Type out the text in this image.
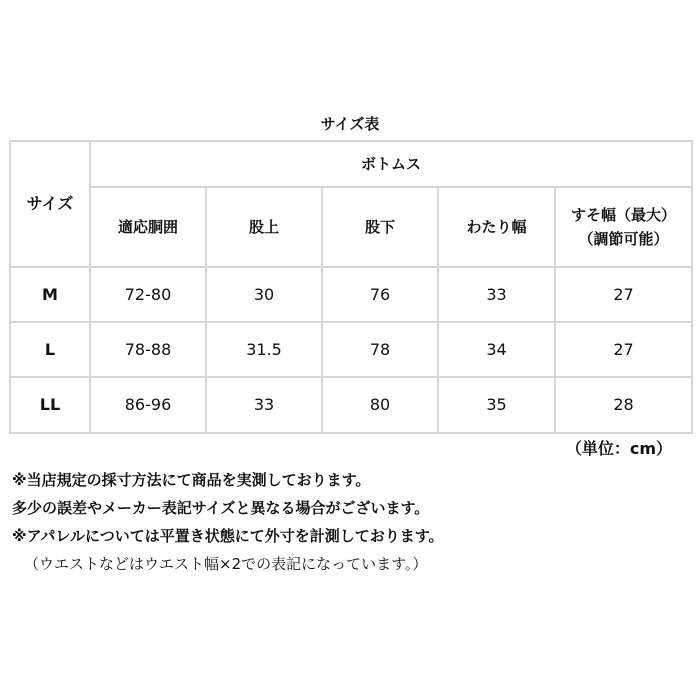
サイズ表
サイズ	ボトムス				
	適応胴囲	股上	股下	わたり幅	すそ幅（最大）
（調節可能）

M	72-80	30	76	33	27
L	78-88	31.5	78	34	27
LL	86-96	33	80	35	28
（単位：cm）
※当店規定の採寸方法にて商品を実測しております。
多少の誤差やメーカー表記サイズと異なる場合がございます。
※アパレルについては平置き状態にて外寸を計測しております。
（ウエストなどはウエスト幅×2での表記になっています。）
